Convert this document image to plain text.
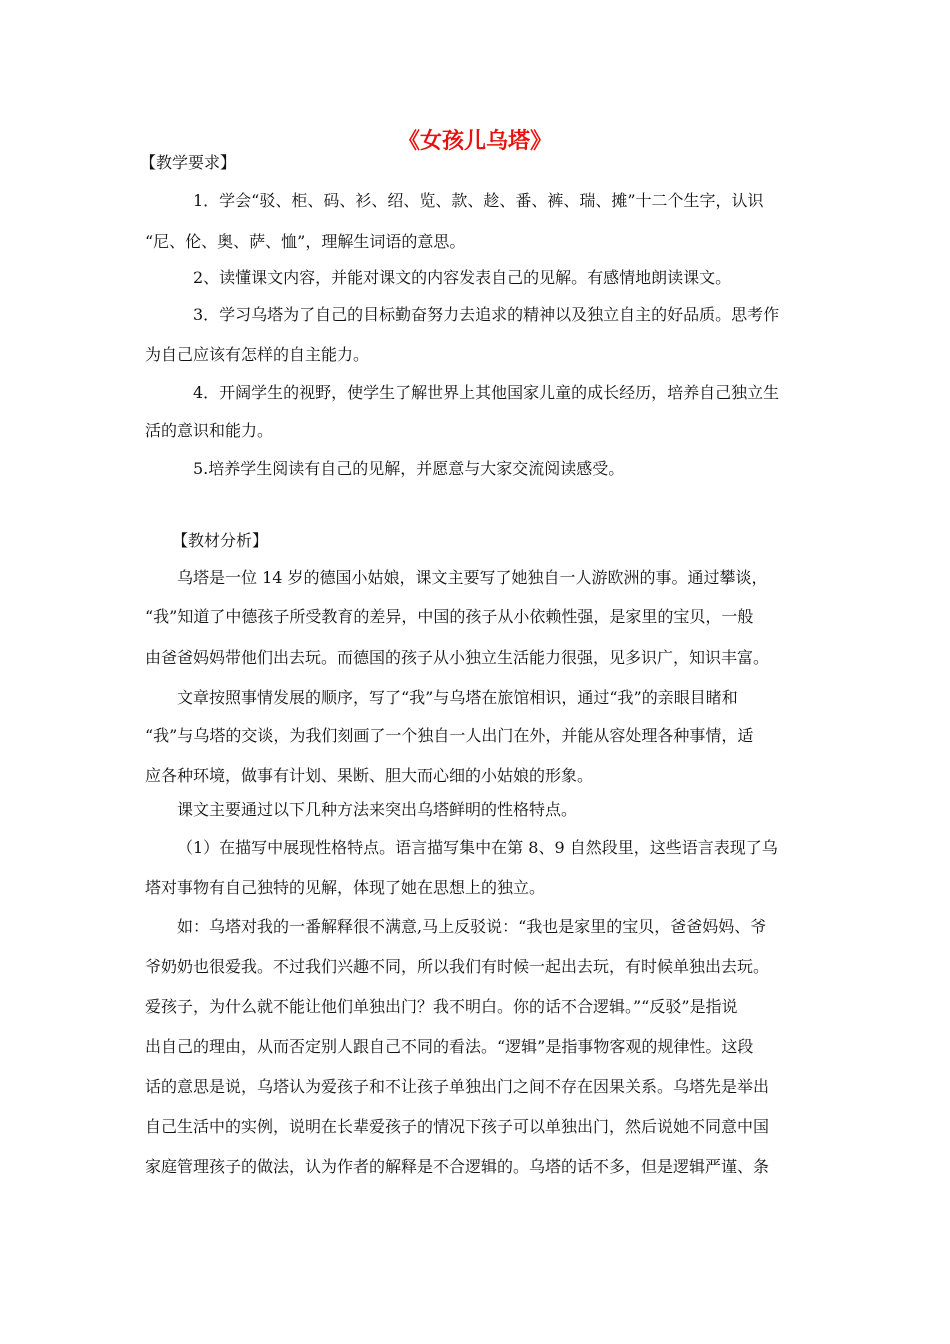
《女孩儿乌塔》
【教学要求】
1．学会“驳、柜、码、衫、绍、览、款、趁、番、裤、瑞、摊”十二个生字，认识
“尼、伦、奥、萨、恤”，理解生词语的意思。
2、读懂课文内容，并能对课文的内容发表自己的见解。有感情地朗读课文。
3．学习乌塔为了自己的目标勤奋努力去追求的精神以及独立自主的好品质。思考作
为自己应该有怎样的自主能力。
4．开阔学生的视野，使学生了解世界上其他国家儿童的成长经历，培养自己独立生
活的意识和能力。
5.培养学生阅读有自己的见解，并愿意与大家交流阅读感受。
【教材分析】
乌塔是一位 14 岁的德国小姑娘，课文主要写了她独自一人游欧洲的事。通过攀谈，
“我”知道了中德孩子所受教育的差异，中国的孩子从小依赖性强，是家里的宝贝，一般
由爸爸妈妈带他们出去玩。而德国的孩子从小独立生活能力很强，见多识广，知识丰富。
文章按照事情发展的顺序，写了“我”与乌塔在旅馆相识，通过“我”的亲眼目睹和
“我”与乌塔的交谈，为我们刻画了一个独自一人出门在外，并能从容处理各种事情，适
应各种环境，做事有计划、果断、胆大而心细的小姑娘的形象。
课文主要通过以下几种方法来突出乌塔鲜明的性格特点。
（1）在描写中展现性格特点。语言描写集中在第 8、9 自然段里，这些语言表现了乌
塔对事物有自己独特的见解，体现了她在思想上的独立。
如：乌塔对我的一番解释很不满意,马上反驳说：“我也是家里的宝贝，爸爸妈妈、爷
爷奶奶也很爱我。不过我们兴趣不同，所以我们有时候一起出去玩，有时候单独出去玩。
爱孩子，为什么就不能让他们单独出门？我不明白。你的话不合逻辑。”“反驳”是指说
出自己的理由，从而否定别人跟自己不同的看法。“逻辑”是指事物客观的规律性。这段
话的意思是说，乌塔认为爱孩子和不让孩子单独出门之间不存在因果关系。乌塔先是举出
自己生活中的实例，说明在长辈爱孩子的情况下孩子可以单独出门，然后说她不同意中国
家庭管理孩子的做法，认为作者的解释是不合逻辑的。乌塔的话不多，但是逻辑严谨、条
